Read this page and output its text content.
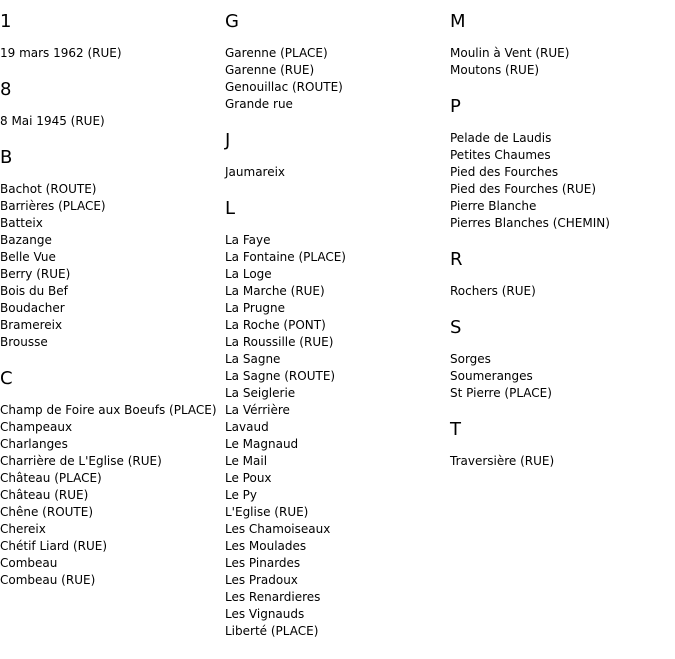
1
19 mars 1962 (RUE)
8
8 Mai 1945 (RUE)
B
Bachot (ROUTE)
Barrières (PLACE)
Batteix
Bazange
Belle Vue
Berry (RUE)
Bois du Bef
Boudacher
Bramereix
Brousse
C
Champ de Foire aux Boeufs (PLACE)
Champeaux
Charlanges
Charrière de L'Eglise (RUE)
Château (PLACE)
Château (RUE)
Chêne (ROUTE)
Chereix
Chétif Liard (RUE)
Combeau
Combeau (RUE)
G
Garenne (PLACE)
Garenne (RUE)
Genouillac (ROUTE)
Grande rue
J
Jaumareix
L
La Faye
La Fontaine (PLACE)
La Loge
La Marche (RUE)
La Prugne
La Roche (PONT)
La Roussille (RUE)
La Sagne
La Sagne (ROUTE)
La Seiglerie
La Vérrière
Lavaud
Le Magnaud
Le Mail
Le Poux
Le Py
L'Eglise (RUE)
Les Chamoiseaux
Les Moulades
Les Pinardes
Les Pradoux
Les Renardieres
Les Vignauds
Liberté (PLACE)
M
Moulin à Vent (RUE)
Moutons (RUE)
P
Pelade de Laudis
Petites Chaumes
Pied des Fourches
Pied des Fourches (RUE)
Pierre Blanche
Pierres Blanches (CHEMIN)
R
Rochers (RUE)
S
Sorges
Soumeranges
St Pierre (PLACE)
T
Traversière (RUE)
